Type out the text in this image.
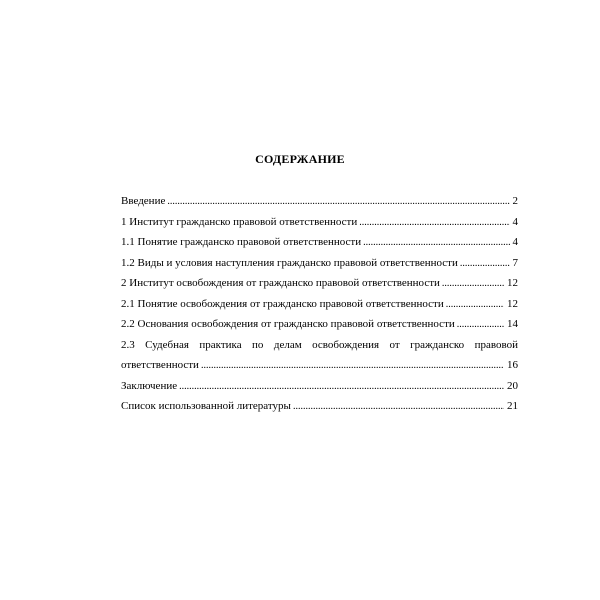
СОДЕРЖАНИЕ
Введение .....	2
1 Институт гражданско правовой ответственности .....	4
1.1 Понятие гражданско правовой ответственности .....	4
1.2 Виды и условия наступления гражданско правовой ответственности .....	7
2 Институт освобождения от гражданско правовой ответственности .....	12
2.1 Понятие освобождения от гражданско правовой ответственности .....	12
2.2 Основания освобождения от гражданско правовой ответственности .....	14
2.3 Судебная практика по делам освобождения от гражданско правовой
ответственности .....	16
Заключение .....	20
Список использованной литературы .....	21
